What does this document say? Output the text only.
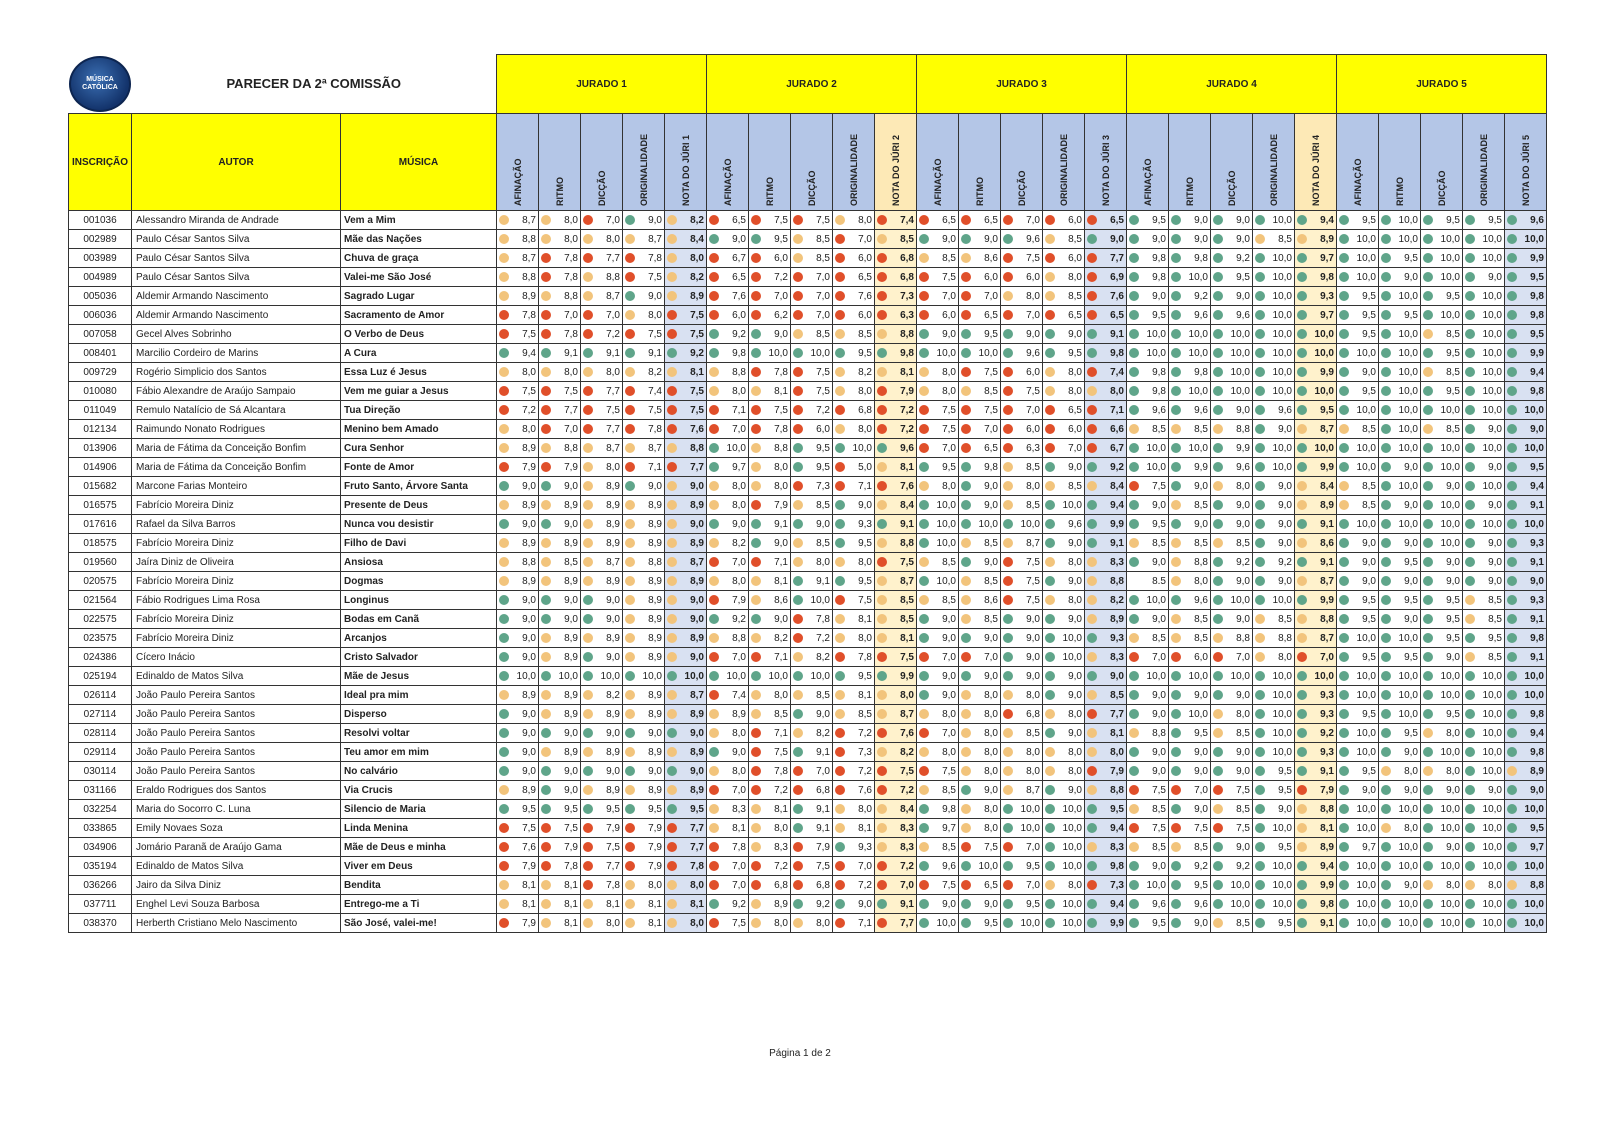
MÚSICA
CATÓLICA	PARECER DA 2ª COMISSÃO		JURADO 1					JURADO 2					JURADO 3					JURADO 4					JURADO 5				
INSCRIÇÃO	AUTOR	MÚSICA	AFINAÇÃO	RITMO	DICÇÃO	ORIGINALIDADE	NOTA DO JÚRI 1	AFINAÇÃO	RITMO	DICÇÃO	ORIGINALIDADE	NOTA DO JÚRI 2	AFINAÇÃO	RITMO	DICÇÃO	ORIGINALIDADE	NOTA DO JÚRI 3	AFINAÇÃO	RITMO	DICÇÃO	ORIGINALIDADE	NOTA DO JÚRI 4	AFINAÇÃO	RITMO	DICÇÃO	ORIGINALIDADE	NOTA DO JÚRI 5

001036	Alessandro Miranda de Andrade	Vem a Mim	8,7	8,0	7,0	9,0	8,2	6,5	7,5	7,5	8,0	7,4	6,5	6,5	7,0	6,0	6,5	9,5	9,0	9,0	10,0	9,4	9,5	10,0	9,5	9,5	9,6
002989	Paulo César Santos Silva	Mãe das Nações	8,8	8,0	8,0	8,7	8,4	9,0	9,5	8,5	7,0	8,5	9,0	9,0	9,6	8,5	9,0	9,0	9,0	9,0	8,5	8,9	10,0	10,0	10,0	10,0	10,0
003989	Paulo César Santos Silva	Chuva de graça	8,7	7,8	7,7	7,8	8,0	6,7	6,0	8,5	6,0	6,8	8,5	8,6	7,5	6,0	7,7	9,8	9,8	9,2	10,0	9,7	10,0	9,5	10,0	10,0	9,9
004989	Paulo César Santos Silva	Valei-me São José	8,8	7,8	8,8	7,5	8,2	6,5	7,2	7,0	6,5	6,8	7,5	6,0	6,0	8,0	6,9	9,8	10,0	9,5	10,0	9,8	10,0	9,0	10,0	9,0	9,5
005036	Aldemir Armando Nascimento	Sagrado Lugar	8,9	8,8	8,7	9,0	8,9	7,6	7,0	7,0	7,6	7,3	7,0	7,0	8,0	8,5	7,6	9,0	9,2	9,0	10,0	9,3	9,5	10,0	9,5	10,0	9,8
006036	Aldemir Armando Nascimento	Sacramento de Amor	7,8	7,0	7,0	8,0	7,5	6,0	6,2	7,0	6,0	6,3	6,0	6,5	7,0	6,5	6,5	9,5	9,6	9,6	10,0	9,7	9,5	9,5	10,0	10,0	9,8
007058	Gecel Alves Sobrinho	O Verbo de Deus	7,5	7,8	7,2	7,5	7,5	9,2	9,0	8,5	8,5	8,8	9,0	9,5	9,0	9,0	9,1	10,0	10,0	10,0	10,0	10,0	9,5	10,0	8,5	10,0	9,5
008401	Marcilio Cordeiro de Marins	A Cura	9,4	9,1	9,1	9,1	9,2	9,8	10,0	10,0	9,5	9,8	10,0	10,0	9,6	9,5	9,8	10,0	10,0	10,0	10,0	10,0	10,0	10,0	9,5	10,0	9,9
009729	Rogério Simplicio dos Santos	Essa Luz é Jesus	8,0	8,0	8,0	8,2	8,1	8,8	7,8	7,5	8,2	8,1	8,0	7,5	6,0	8,0	7,4	9,8	9,8	10,0	10,0	9,9	9,0	10,0	8,5	10,0	9,4
010080	Fábio Alexandre de Araújo Sampaio	Vem me guiar a Jesus	7,5	7,5	7,7	7,4	7,5	8,0	8,1	7,5	8,0	7,9	8,0	8,5	7,5	8,0	8,0	9,8	10,0	10,0	10,0	10,0	9,5	10,0	9,5	10,0	9,8
011049	Remulo Natalício de Sá Alcantara	Tua Direção	7,2	7,7	7,5	7,5	7,5	7,1	7,5	7,2	6,8	7,2	7,5	7,5	7,0	6,5	7,1	9,6	9,6	9,0	9,6	9,5	10,0	10,0	10,0	10,0	10,0
012134	Raimundo Nonato Rodrigues	Menino bem Amado	8,0	7,0	7,7	7,8	7,6	7,0	7,8	6,0	8,0	7,2	7,5	7,0	6,0	6,0	6,6	8,5	8,5	8,8	9,0	8,7	8,5	10,0	8,5	9,0	9,0
013906	Maria de Fátima da Conceição Bonfim	Cura Senhor	8,9	8,8	8,7	8,7	8,8	10,0	8,8	9,5	10,0	9,6	7,0	6,5	6,3	7,0	6,7	10,0	10,0	9,9	10,0	10,0	10,0	10,0	10,0	10,0	10,0
014906	Maria de Fátima da Conceição Bonfim	Fonte de Amor	7,9	7,9	8,0	7,1	7,7	9,7	8,0	9,5	5,0	8,1	9,5	9,8	8,5	9,0	9,2	10,0	9,9	9,6	10,0	9,9	10,0	9,0	10,0	9,0	9,5
015682	Marcone Farias Monteiro	Fruto Santo, Árvore Santa	9,0	9,0	8,9	9,0	9,0	8,0	8,0	7,3	7,1	7,6	8,0	9,0	8,0	8,5	8,4	7,5	9,0	8,0	9,0	8,4	8,5	10,0	9,0	10,0	9,4
016575	Fabrício Moreira Diniz	Presente de Deus	8,9	8,9	8,9	8,9	8,9	8,0	7,9	8,5	9,0	8,4	10,0	9,0	8,5	10,0	9,4	9,0	8,5	9,0	9,0	8,9	8,5	9,0	10,0	9,0	9,1
017616	Rafael da Silva Barros	Nunca vou desistir	9,0	9,0	8,9	8,9	9,0	9,0	9,1	9,0	9,3	9,1	10,0	10,0	10,0	9,6	9,9	9,5	9,0	9,0	9,0	9,1	10,0	10,0	10,0	10,0	10,0
018575	Fabrício Moreira Diniz	Filho de Davi	8,9	8,9	8,9	8,9	8,9	8,2	9,0	8,5	9,5	8,8	10,0	8,5	8,7	9,0	9,1	8,5	8,5	8,5	9,0	8,6	9,0	9,0	10,0	9,0	9,3
019560	Jaíra Diniz de Oliveira	Ansiosa	8,8	8,5	8,7	8,8	8,7	7,0	7,1	8,0	8,0	7,5	8,5	9,0	7,5	8,0	8,3	9,0	8,8	9,2	9,2	9,1	9,0	9,5	9,0	9,0	9,1
020575	Fabrício Moreira Diniz	Dogmas	8,9	8,9	8,9	8,9	8,9	8,0	8,1	9,1	9,5	8,7	10,0	8,5	7,5	9,0	8,8	8.5	8,0	9,0	9,0	8,7	9,0	9,0	9,0	9,0	9,0
021564	Fábio Rodrigues Lima Rosa	Longinus	9,0	9,0	9,0	8,9	9,0	7,9	8,6	10,0	7,5	8,5	8,5	8,6	7,5	8,0	8,2	10,0	9,6	10,0	10,0	9,9	9,5	9,5	9,5	8,5	9,3
022575	Fabrício Moreira Diniz	Bodas em Canã	9,0	9,0	9,0	8,9	9,0	9,2	9,0	7,8	8,1	8,5	9,0	8,5	9,0	9,0	8,9	9,0	8,5	9,0	8,5	8,8	9,5	9,0	9,5	8,5	9,1
023575	Fabrício Moreira Diniz	Arcanjos	9,0	8,9	8,9	8,9	8,9	8,8	8,2	7,2	8,0	8,1	9,0	9,0	9,0	10,0	9,3	8,5	8,5	8,8	8,8	8,7	10,0	10,0	9,5	9,5	9,8
024386	Cícero Inácio	Cristo Salvador	9,0	8,9	9,0	8,9	9,0	7,0	7,1	8,2	7,8	7,5	7,0	7,0	9,0	10,0	8,3	7,0	6,0	7,0	8,0	7,0	9,5	9,5	9,0	8,5	9,1
025194	Edinaldo de Matos Silva	Mãe de Jesus	10,0	10,0	10,0	10,0	10,0	10,0	10,0	10,0	9,5	9,9	9,0	9,0	9,0	9,0	9,0	10,0	10,0	10,0	10,0	10,0	10,0	10,0	10,0	10,0	10,0
026114	João Paulo Pereira Santos	Ideal pra mim	8,9	8,9	8,2	8,9	8,7	7,4	8,0	8,5	8,1	8,0	9,0	8,0	8,0	9,0	8,5	9,0	9,0	9,0	10,0	9,3	10,0	10,0	10,0	10,0	10,0
027114	João Paulo Pereira Santos	Disperso	9,0	8,9	8,9	8,9	8,9	8,9	8,5	9,0	8,5	8,7	8,0	8,0	6,8	8,0	7,7	9,0	10,0	8,0	10,0	9,3	9,5	10,0	9,5	10,0	9,8
028114	João Paulo Pereira Santos	Resolvi voltar	9,0	9,0	9,0	9,0	9,0	8,0	7,1	8,2	7,2	7,6	7,0	8,0	8,5	9,0	8,1	8,8	9,5	8,5	10,0	9,2	10,0	9,5	8,0	10,0	9,4
029114	João Paulo Pereira Santos	Teu amor em mim	9,0	8,9	8,9	8,9	8,9	9,0	7,5	9,1	7,3	8,2	8,0	8,0	8,0	8,0	8,0	9,0	9,0	9,0	10,0	9,3	10,0	9,0	10,0	10,0	9,8
030114	João Paulo Pereira Santos	No calvário	9,0	9,0	9,0	9,0	9,0	8,0	7,8	7,0	7,2	7,5	7,5	8,0	8,0	8,0	7,9	9,0	9,0	9,0	9,5	9,1	9,5	8,0	8,0	10,0	8,9
031166	Eraldo Rodrigues dos Santos	Via Crucis	8,9	9,0	8,9	8,9	8,9	7,0	7,2	6,8	7,6	7,2	8,5	9,0	8,7	9,0	8,8	7,5	7,0	7,5	9,5	7,9	9,0	9,0	9,0	9,0	9,0
032254	Maria do Socorro C. Luna	Silencio de Maria	9,5	9,5	9,5	9,5	9,5	8,3	8,1	9,1	8,0	8,4	9,8	8,0	10,0	10,0	9,5	8,5	9,0	8,5	9,0	8,8	10,0	10,0	10,0	10,0	10,0
033865	Emily Novaes Soza	Linda Menina	7,5	7,5	7,9	7,9	7,7	8,1	8,0	9,1	8,1	8,3	9,7	8,0	10,0	10,0	9,4	7,5	7,5	7,5	10,0	8,1	10,0	8,0	10,0	10,0	9,5
034906	Jomário Paranã de Araújo Gama	Mãe de Deus e minha	7,6	7,9	7,5	7,9	7,7	7,8	8,3	7,9	9,3	8,3	8,5	7,5	7,0	10,0	8,3	8,5	8,5	9,0	9,5	8,9	9,7	10,0	9,0	10,0	9,7
035194	Edinaldo de Matos Silva	Viver em Deus	7,9	7,8	7,7	7,9	7,8	7,0	7,2	7,5	7,0	7,2	9,6	10,0	9,5	10,0	9,8	9,0	9,2	9,2	10,0	9,4	10,0	10,0	10,0	10,0	10,0
036266	Jairo da Silva Diniz	Bendita	8,1	8,1	7,8	8,0	8,0	7,0	6,8	6,8	7,2	7,0	7,5	6,5	7,0	8,0	7,3	10,0	9,5	10,0	10,0	9,9	10,0	9,0	8,0	8,0	8,8
037711	Enghel Levi Souza Barbosa	Entrego-me a Ti	8,1	8,1	8,1	8,1	8,1	9,2	8,9	9,2	9,0	9,1	9,0	9,0	9,5	10,0	9,4	9,6	9,6	10,0	10,0	9,8	10,0	10,0	10,0	10,0	10,0
038370	Herberth Cristiano Melo Nascimento	São José, valei-me!	7,9	8,1	8,0	8,1	8,0	7,5	8,0	8,0	7,1	7,7	10,0	9,5	10,0	10,0	9,9	9,5	9,0	8,5	9,5	9,1	10,0	10,0	10,0	10,0	10,0
Página 1 de 2
